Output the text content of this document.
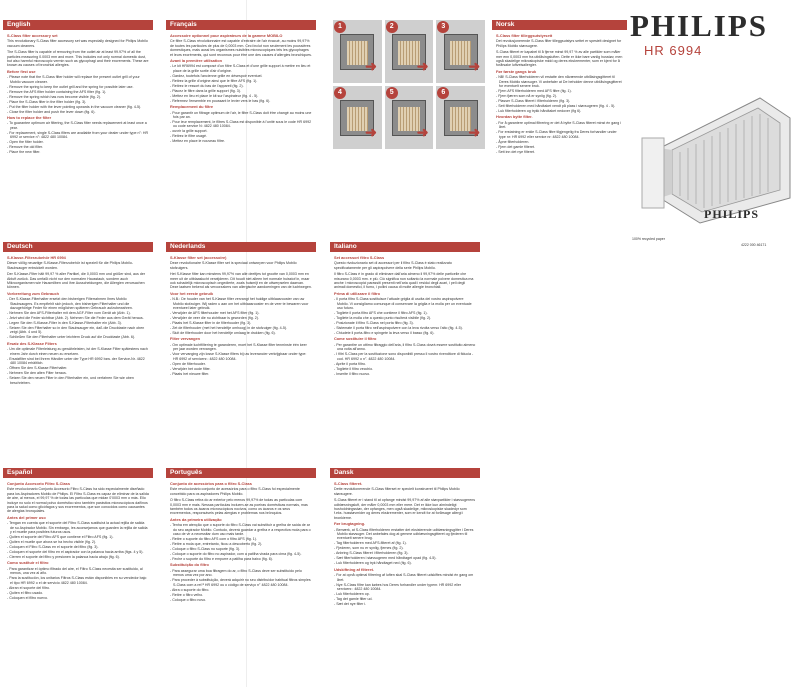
English
S-Class filter accessory set

This revolutionary S-Class filter accessory set was especially designed for Philips Mobilo vacuum cleaners.

The S-Class filter is capable of removing from the outlet air at least 99.97% of all the particles measuring 0.0003 mm and more. This includes not only normal domestic dust, but also harmful microscopic vermin such as glycophagi and their excrements. These are known as causes of bronchial allergies.

Before first use
- Please note that the S-Class filter holder will replace the present outlet grill of your Mobilo vacuum cleaner.
- Remove the spring to keep the outlet grill and the spring for possible later use.
- Remove the AFS filter holder containing the AFS filter (fig. 1).
- Remove the spring which has now become visible (fig. 2).
- Place the S-Class filter in the filter holder (fig. 3).
- Put the filter holder with the lever pointing upwards in the vacuum cleaner (fig. 4-5).
- Close the filter holder and push the lever down (fig. 6).
How to replace the filter
- To guarantee optimum air filtering, the S-Class filter needs replacement at least once a year.
- For replacement, single S-Class filters are available from your dealer under type n°: HR 6992 or service n°: 4822 480 10084.
- Open the filter holder.
- Remove the old filter.
- Place the new filter.
Français
Accessoire optionnel pour aspirateurs de la gamme MOBILO

Ce filtre S-Class révolutionnaire est capable d'extraire de l'air évacué, au moins 99,97% de toutes les particules de plus de 0,0003 mm. Ceci inclut non seulement les poussières domestiques, mais aussi les organismes nuisibles microscopiques tels les glycophages et leurs excréments, qui sont reconnus pour être une des causes d'allergies bronchiques.

Avant la première utilisation
- Le kit HR6994 est composé d'un filtre S-Class et d'une grille support à mettre en lieu et place de la grille sortie d'air d'origine.
- Gardez, toutefois l'ancienne grille en désespoir eventuel.
- Retirez la grille d'origine ainsi que le filtre AFS (fig. 1).
- Retirez le ressort du bas de l'appareil (fig. 2).
- Placez le filtre dans la grille support (fig. 3).
- Mettez en lieu et place le kit sur l'aspirateur (fig. 4 - 5).
- Refermez l'ensemble en poussant le levier vers le bas (fig. 6).
Remplacement du filtre
- Pour garantir un filtrage optimum de l'air, le filtre S-Class doit être changé au moins une fois par an.
- Pour leur remplacement, le filtres S-Class est disponible à l'unité sous le code HR 6992 ou code service N: 4822 480 10084.
- ouvrir la grille support.
- Retirez le filtre usagé.
- Mettez en place le nouveau filtre.
➜
1
➜
2
➜
3
➜
4
➜
5
➜
6
Norsk
S-Class filter tilleggsutstyrsett

Det revolusjonerende S-Class filter tilleggsutstyrs settet er spesielt designet for Philips Mobilo støvsugere.

S-Class filteret er kapabel til å fjerne minst 99,97 % av alle partikler som måler mer enn 0,0003 mm fra utblåsingsluften. Dette er ikke bare vanlig husstøv, men også skadelige mikroskopiske midd og deres ekskrementer, som er kjent for å forårsake luftveisallergier.

Før første gangs bruk
- NB! S-Class filterholderen vil erstatte den nåværende utblåsingsgitteret til Deres Mobilo støvsuger. Vi anbefaler at De beholder denne utblåsingsgitteret for eventuelt senere bruk.
- Fjern AFS filterholderen med AFS filtre (fig. 1).
- Fjern fjæren som nå er synlig (fig. 2).
- Plasser S-Class filteret i filterholderen (fig. 3).
- Sett filterholderen med håndtaket vendt på plass i støvsugeren (fig. 4 - 5).
- Luk filterholderen og trykk håndtaket nedover (fig 6).
Hvordan bytte filter.
- For å garantere optimal filtrering er det å bytte S-Class filteret minst én gang i året.
- For erstatning er enkle S-Class filtre tilgjengelig fra Deres forhandler under type nr: HR 6992 eller service nr: 4822 480 10084.
- Åpne filterholderen.
- Fjern det gamle filteret.
- Sett inn det nye filteret.
PHILIPS
HR 6994
PHILIPS
100% recycled paper
4222 000 46171
Deutsch
S-Klasse-Filterzubehör HR 6994

Dieser völlig neuartige S-Klasse-Filterzubehör ist speziell für die Philips Mobilo-Staubsauger entwickelt worden.

Der S-Klasse-Filter hält 99,97 % aller Partikel, die 0,0003 mm und größer sind, aus der Abluft zurück. Das umfaßt nicht nur den normalen Hausstaub, sondern auch Mikroorganismen wie Hausmilben und ihre Ausscheidungen, die Allergien verursachen können.

Vorbereitung zum Gebrauch
- Der S-Klasse-Filterhalter ersetzt den bisherigen Filterrahmen Ihres Mobilo Staubsaugers. Es empfiehlt sich jedoch, den bisherigen Filterhalter und die dazugehörige Feder für einen möglichen späteren Gebrauch aufzubewahren.
- Nehmen Sie den AFS-Filterhalter mit dem AGF-Filter vom Gerät ab (Abb. 1).
- Jetzt wird die Feder sichtbar (Abb. 2). Nehmen Sie die Feder aus dem Gerät heraus.
- Legen Sie den S-Klasse-Filter in den S-Klasse-Filterhalter ein (Abb. 3).
- Setzen Sie den Filterhalter so in den Staubsauger ein, daß die Drucktaste nach oben zeigt (Abb. 4 und 5).
- Schließen Sie den Filterhalter unter leichtem Druck auf die Drucktaste (Abb. 6).
Ersatz des S-Klasse Filters
- Um die optimale Filterleistung zu gewährleisten, ist der S-Klasse Filter spätestens nach einem Jahr durch einen neuen zu ersetzen.
- Ersatzfilter sind bei Ihrem Händler unter der Type HR 6992 bzw. der Service-Nr. 4822 480 10084 erhältlich.
- Öffnen Sie den S-Klasse Filterhalter.
- Nehmen Sie den alten Filter heraus.
- Setzen Sie den neuen Filter in den Filterhalter ein, und verfahren Sie wie oben beschrieben.
Nederlands
S-Klasse filter set (accessoire)

Deze revolutionaire S-Klasse filter set is speciaal ontworpen voor Philips Mobilo stofzuigers.

Het S-Klasse filter kan minstens 99,97% van alle deeltjes tot grootte van 0,0003 mm en meer uit de uitblaaslucht verwijderen. Dit houdt niet alleen het normale huisstof in, maar ook schadelijk microscopisch ongedierte, zoals huismijt en de uitwerpselen daarvan. Deze laatsen bekend als veroorzakers van allergische aandoeningen van de luchtwegen.

Voor het eerste gebruik
- N.B.: De houder van het S-Klasse filter vervangt het huidige uitblaasrooster van uw Mobilo stofzuiger. Wij raden u aan om het uitblaasrooster en de veer te bewaren voor eventueel later gebruik.
- Verwijder de AFS filterhouder met het AFS filter (fig. 1).
- Verwijder de veer die nu zichtbaar is geworden (fig. 2).
- Plaats het S-Klasse filter in de filterhouder (fig. 3).
- Zet de filterhouder (met het hendeltje omhoog) in de stofzuiger (fig. 4-5).
- Sluit de filterhouder door het hendeltje omlaag te drukken (fig. 6).
Filter vervangen
- Om optimale luchtfiltering te garanderen, moet het S-Klasse filter tenminste één keer per jaar worden vervangen.
- Voor vervanging zijn losse S-Klasse filters bij uw leverancier verkrijgbaar onder type: HR 6992 of servicenr.: 4822 480 10084.
- Open de filterhouder.
- Verwijder het oude filter.
- Plaats het nieuwe filter.
Italiano
Set accessori filtro S-Class

Questo rivoluzionario set di accessori per il filtro S-Class è stato realizzato specificatamente per gli aspirapolvere della serie Philips Mobilo.

Il filtro S-Class è in grado di eliminare dall'aria almeno il 99,97% delle particelle che misurano 0,0003 mm. e più. Ciò significa non soltanto la normale polvere domestica ma anche i microscopici parassiti presenti nell'aria quali i residui degli acari, i peli degli animali domestici, il fumo, i pollini causa di molte allergie bronchiali.

Prima di utilizzare il filtro
- Il porta filtro S-Class sostituisce l'attuale griglia di uscita del vostro aspirapolvere Mobilo. Vi consigliamo comunque di conservare la griglia e la molla per un eventuale uso futuro.
- Togliete il porta filtro AFS che contiene il filtro AFS (fig. 1).
- Togliete la molla che a questo punto risulterà visibile (fig. 2).
- Posizionate il filtro S-Class nel porta filtro (fig. 3).
- Sistemate il porta filtro nell'aspirapolvere con la leva rivolta verso l'alto (fig. 4-5).
- Chiudete il porta-filtro e spingete la leva verso il basso (fig. 6).
Come sostituire il filtro
- Per garantire un ottimo filtraggio dell'aria, il filtro S-Class dovrà essere sostituito almeno una volta all'anno.
- I filtri S-Class per la sostituzione sono disponibili presso il vostro rivenditore di fiducia - cod. HR 6992 o n°. 4822 480 10084.
- Aprite il porta filtro.
- Togliete il filtro vecchio.
- Inserite il filtro nuovo.
Español
Conjunto Accesorio Filtro S-Class

Este revolucionario Conjunto Accesorio Filtro S-Class ha sido especialmente diseñado para los Aspiradores Mobilo de Philips. El Filtro S-Class es capaz de eliminar de la salida de aire, al menos, el 99,97 % de todas las partículas que midan 0'0003 mm o más. Ello incluye no solo el normal polvo doméstico sino también parásitos microscópicos dañinos para la salud como glicófagos y sus excrementos, que son conocidos como causantes de alergias bronquiales.

Antes del primer uso
- Tengan en cuenta que el soporte del Filtro S-Class sustituirá la actual rejilla de salida de su Aspirador Mobilo. Sin embargo, les aconsejamos que guarden la rejilla de salida y el muelle para posibles futuros usos.
- Quiten el soporte del Filtro AFS que contiene el Filtro AFS (fig. 1).
- Quiten el muelle que ahora se ha hecho visible (fig. 2).
- Coloquen el Filtro S-Class en el soporte del filtro (fig. 3).
- Coloquen el soporte del filtro en el aspirador con la palanca hacia arriba (figs. 4 y 5).
- Cierren el soporte del filtro y presionen la palanca hacia abajo (fig. 6).
Como sustituir el filtro
- Para garantizar el óptimo filtrado del aire, el Filtro S-Class necesita ser sustituido, al menos, una vez al año.
- Para la sustitución, los unitarios Filtros S-Class están disponibles en su vendedor bajo el tipo HR 6992 o el de servicio 4822 480 10084.
- Abran el soporte del filtro.
- Quiten el filtro usado.
- Coloquen el filtro nuevo.
Português
Conjunto de acessórios para o filtro S-Class

Este revolucionário conjunto de acessórios para o filtro S-Class foi especialmente concebido para os aspiradores Philips Mobilo.

O filtro S-Class retira do ar exterior pelo menos 99,97% de todas as partículas com 0,0003 mm e mais. Nessas partículas incluem-se as poeiras domésticas normais, mas também todos os ácaros microscópicos nocivos, como os ácaros e os seus excrementos, responsáveis pelas alergias e problemas nos brônquios.

Antes da primeira utilização
- Tenha em atenção que o suporte do filtro S-Class vai substituir a grelha de saída de ar do seu aspirador Mobilo. Contudo, deverá guardar a grelha e a respectiva mola para o caso de vir a necessitar dum uso mais tarde.
- Retire o suporte do filtro AFS com o filtro AFS (fig. 1).
- Retire a mola que, entretanto, ficou a descoberto (fig. 2).
- Coloque o filtro S-Class no suporte (fig. 3).
- Coloque o suporte do filtro no aspirador, com a patilha virada para cima (fig. 4-5).
- Feche o suporte do filtro e empurre a patilha para baixo (fig. 6).
Substituição do filtro
- Para assegurar uma boa filtragem do ar, o filtro S-Class deve ser substituído pelo menos uma vez por ano.
- Para proceder à substituição, deverá adquirir no seu distribuidor habitual filtros simples S-Class com a ref.ª HR 6992 ou o código de serviço n° 4822 480 10084.
- Abra o suporte do filtro.
- Retire o filtro velho.
- Coloque o filtro novo.
Dansk
S-Class filteret.

Dette revolutionerende S-Class filterset er specielt konstrueret til Philips Mobilo støvsugere.

S-Class filteret er i stand til at opfange mindst 99,97% af alle støvpartikler i støvsugerens udblæsningsluft, der måler 0,0003 mm eller mere. Det er ikke kun almindeligt husholdningsstøv, der opfanges, men også skadelige, mikroskopiske skadedyr som f.eks. husstøvmider og deres ekskrementer, som er kendt for at forårsage allergi i bronkierne.

Før brugtagning.
- Bemærk, at S-Class filterholderen erstatter det eksisterende udblæsningsgitter i Deres Mobilo støvsuger. Det anbefales dog at gemme udblæsningsgitteret og fjederen til eventuelt senere brug.
- Tag filterholderen med AFS-filteret af (fig. 1).
- Fjederen, som nu er synlig, fjernes (fig. 2).
- Anbring S-Class filteret i filterholderen (fig. 3).
- Sæt filterholderen i støvsugeren med håndtaget opad (fig. 4-5).
- Luk filterholderen og tryk håndtaget ned (fig. 6).
Udskiftning af filteret.
- For at opnå optimal filtrering af luften skal S-Class filteret udskiftes mindst én gang om året.
- Nye S-Class filtre kan købes hos Deres forhandler under typenr. HR 6992 eller servicenr.: 4822 480 10084.
- Luk filterholderen op.
- Tag det gamle filter ud.
- Sæt det nye filter i.
